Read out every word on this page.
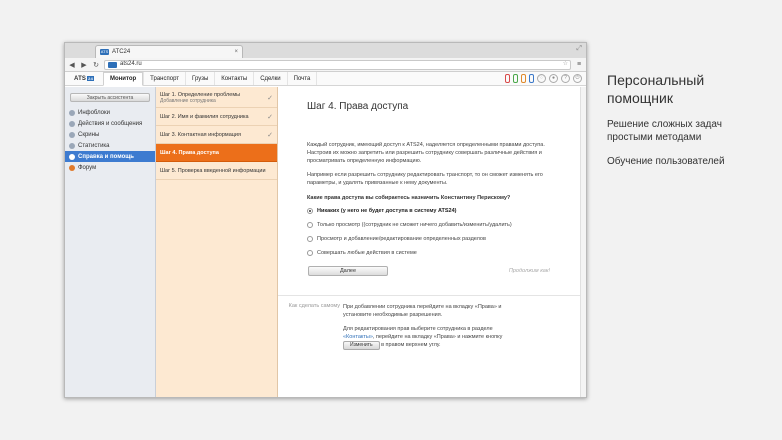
ATS ATC24	×	⤢
◀ ▶ ↻	ats24.ru	☆ ≡
ATS 24	Монитор	Транспорт	Грузы	Контакты	Сделки	Почта	♡	●	?	⏻
Закрыть ассистента
Инфоблоки
Действия и сообщения
Скрины
Статистика
Справка и помощь
Форум
Шаг 1. Определение проблемы
Добавление сотрудника	✓
Шаг 2. Имя и фамилия сотрудника	✓
Шаг 3. Контактная информация	✓
Шаг 4. Права доступа
Шаг 5. Проверка введенной информации
Шаг 4. Права доступа
Каждый сотрудник, имеющий доступ к ATS24, наделяется определенными правами доступа. Настроив их можно запретить или разрешить сотруднику совершать различные действия и просматривать определенную информацию.
Например если разрешить сотруднику редактировать транспорт, то он сможет изменять его параметры, и удалять привязанные к нему документы.
Какие права доступа вы собираетесь назначить Константину Перискому?
Никаких (у него не будет доступа в систему ATS24)
Только просмотр ((сотрудник не сможет ничего добавить/изменить/удалить)
Просмотр и добавление/редактирование определенных разделов
Совершать любые действия в системе
Далее	Продолжим как!
Как сделать самому При добавлении сотрудника перейдите на вкладку «Права» и установите необходимые разрешения.
Для редактирования прав выберите сотрудника в разделе «Контакты», перейдите на вкладку «Права» и нажмите кнопку Изменить в правом верхнем углу.
Персональный помощник
Решение сложных задач простыми методами
Обучение пользователей
